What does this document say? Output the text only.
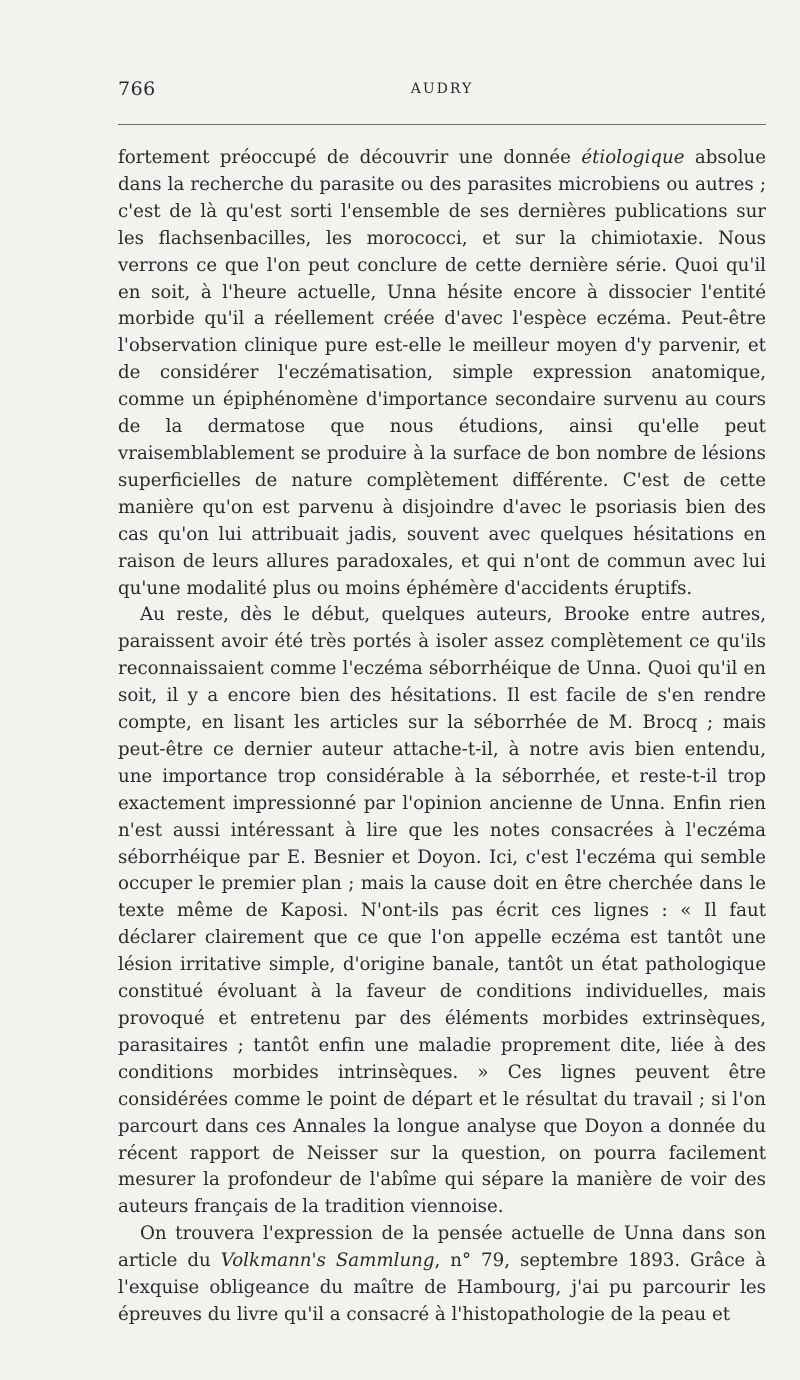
766	AUDRY

fortement préoccupé de découvrir une donnée étiologique absolue dans la recherche du parasite ou des parasites microbiens ou autres ; c'est de là qu'est sorti l'ensemble de ses dernières publications sur les flachsenbacilles, les morococci, et sur la chimiotaxie. Nous verrons ce que l'on peut conclure de cette dernière série. Quoi qu'il en soit, à l'heure actuelle, Unna hésite encore à dissocier l'entité morbide qu'il a réellement créée d'avec l'espèce eczéma. Peut-être l'observation clinique pure est-elle le meilleur moyen d'y parvenir, et de considérer l'eczématisation, simple expression anatomique, comme un épiphénomène d'importance secondaire survenu au cours de la dermatose que nous étudions, ainsi qu'elle peut vraisemblablement se produire à la surface de bon nombre de lésions superficielles de nature complètement différente. C'est de cette manière qu'on est parvenu à disjoindre d'avec le psoriasis bien des cas qu'on lui attribuait jadis, souvent avec quelques hésitations en raison de leurs allures paradoxales, et qui n'ont de commun avec lui qu'une modalité plus ou moins éphémère d'accidents éruptifs.

Au reste, dès le début, quelques auteurs, Brooke entre autres, paraissent avoir été très portés à isoler assez complètement ce qu'ils reconnaissaient comme l'eczéma séborrhéique de Unna. Quoi qu'il en soit, il y a encore bien des hésitations. Il est facile de s'en rendre compte, en lisant les articles sur la séborrhée de M. Brocq ; mais peut-être ce dernier auteur attache-t-il, à notre avis bien entendu, une importance trop considérable à la séborrhée, et reste-t-il trop exactement impressionné par l'opinion ancienne de Unna. Enfin rien n'est aussi intéressant à lire que les notes consacrées à l'eczéma séborrhéique par E. Besnier et Doyon. Ici, c'est l'eczéma qui semble occuper le premier plan ; mais la cause doit en être cherchée dans le texte même de Kaposi. N'ont-ils pas écrit ces lignes : « Il faut déclarer clairement que ce que l'on appelle eczéma est tantôt une lésion irritative simple, d'origine banale, tantôt un état pathologique constitué évoluant à la faveur de conditions individuelles, mais provoqué et entretenu par des éléments morbides extrinsèques, parasitaires ; tantôt enfin une maladie proprement dite, liée à des conditions morbides intrinsèques. » Ces lignes peuvent être considérées comme le point de départ et le résultat du travail ; si l'on parcourt dans ces Annales la longue analyse que Doyon a donnée du récent rapport de Neisser sur la question, on pourra facilement mesurer la profondeur de l'abîme qui sépare la manière de voir des auteurs français de la tradition viennoise.

On trouvera l'expression de la pensée actuelle de Unna dans son article du Volkmann's Sammlung, n° 79, septembre 1893. Grâce à l'exquise obligeance du maître de Hambourg, j'ai pu parcourir les épreuves du livre qu'il a consacré à l'histopathologie de la peau et
